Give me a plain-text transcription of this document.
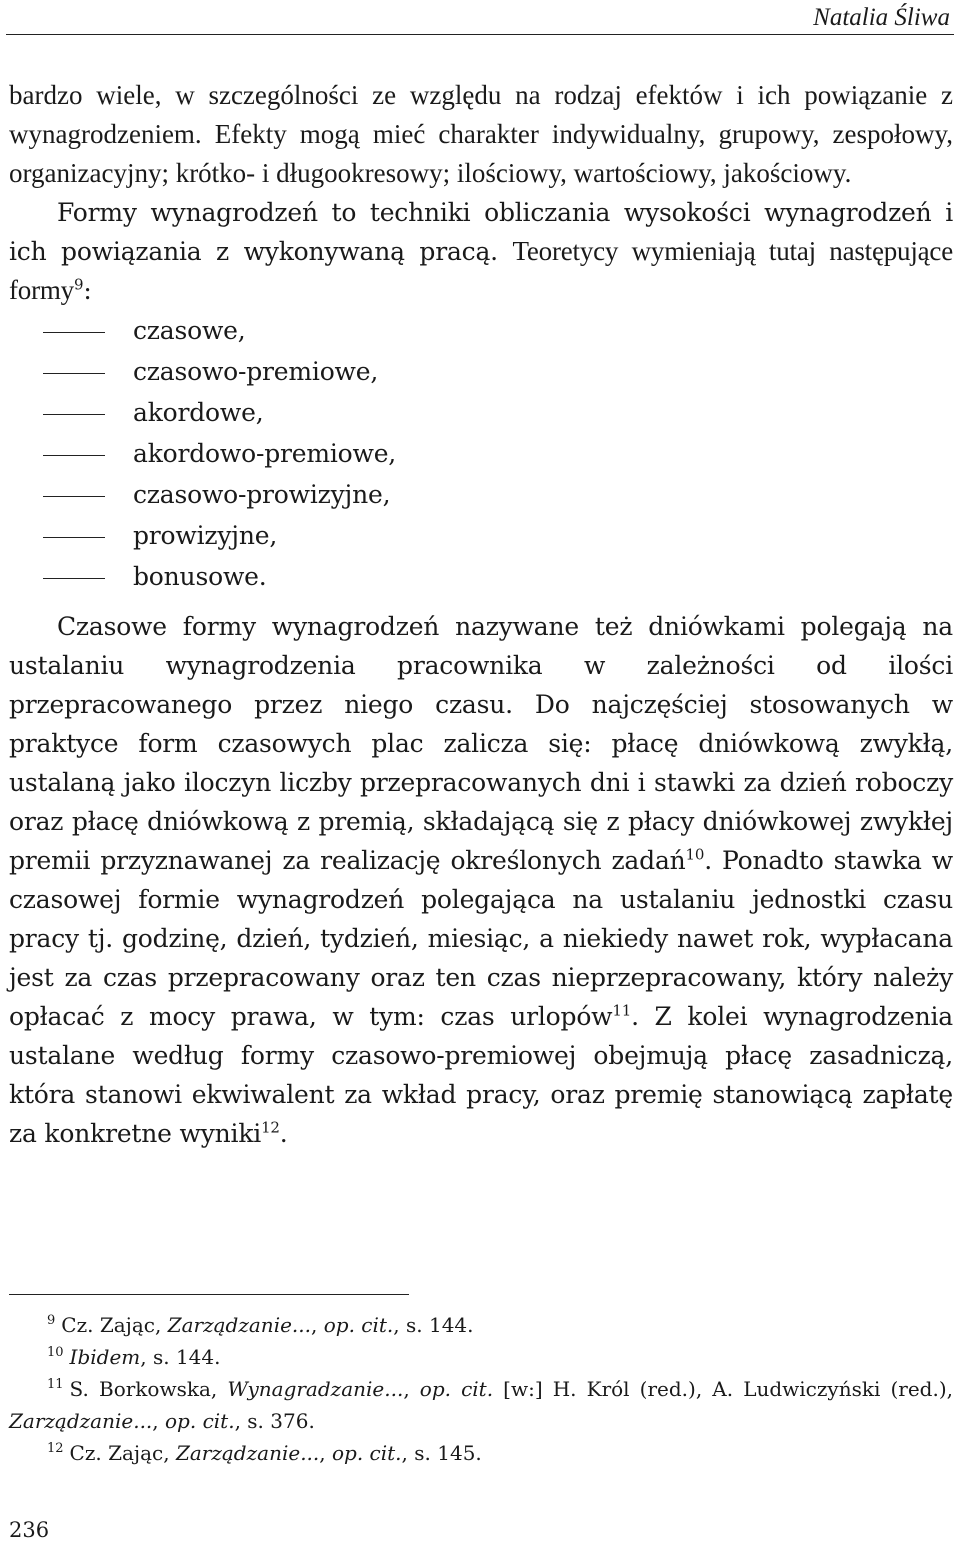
Natalia Śliwa

bardzo wiele, w szczególności ze względu na rodzaj efektów i ich powiązanie z wynagrodzeniem. Efekty mogą mieć charakter indywidualny, grupowy, zespołowy, organizacyjny; krótko- i długookresowy; ilościowy, wartościowy, jakościowy.
Formy wynagrodzeń to techniki obliczania wysokości wynagrodzeń i ich powiązania z wykonywaną pracą. Teoretycy wymieniają tutaj następujące formy$^9$:

czasowe,
czasowo-premiowe,
akordowe,
akordowo-premiowe,
czasowo-prowizyjne,
prowizyjne,
bonusowe.

Czasowe formy wynagrodzeń nazywane też dniówkami polegają na ustalaniu wynagrodzenia pracownika w zależności od ilości przepracowanego przez niego czasu. Do najczęściej stosowanych w praktyce form czasowych plac zalicza się: płacę dniówkową zwykłą, ustalaną jako iloczyn liczby przepracowanych dni i stawki za dzień roboczy oraz płacę dniówkową z premią, składającą się z płacy dniówkowej zwykłej premii przyznawanej za realizację określonych zadań$^{10}$. Ponadto stawka w czasowej formie wynagrodzeń polegająca na ustalaniu jednostki czasu pracy tj. godzinę, dzień, tydzień, miesiąc, a niekiedy nawet rok, wypłacana jest za czas przepracowany oraz ten czas nieprzepracowany, który należy opłacać z mocy prawa, w tym: czas urlopów$^{11}$. Z kolei wynagrodzenia ustalane według formy czasowo-premiowej obejmują płacę zasadniczą, która stanowi ekwiwalent za wkład pracy, oraz premię stanowiącą zapłatę za konkretne wyniki$^{12}$.

9 Cz. Zając, Zarządzanie..., op. cit., s. 144.
10 Ibidem, s. 144.
11 S. Borkowska, Wynagradzanie..., op. cit. [w:] H. Król (red.), A. Ludwiczyński (red.), Zarządzanie..., op. cit., s. 376.
12 Cz. Zając, Zarządzanie..., op. cit., s. 145.
236
